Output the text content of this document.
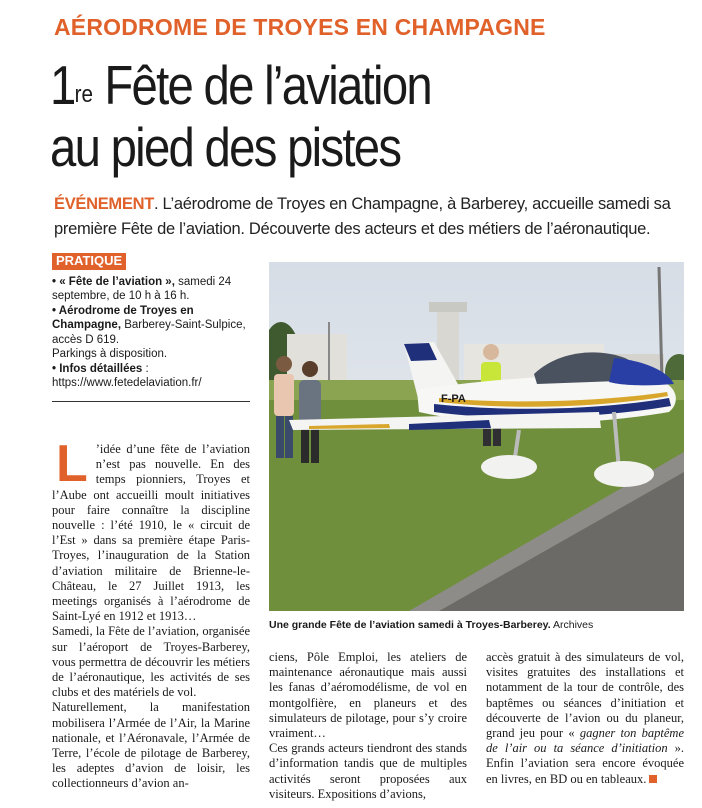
AÉRODROME DE TROYES EN CHAMPAGNE
1re Fête de l’aviation
au pied des pistes

ÉVÉNEMENT. L’aérodrome de Troyes en Champagne, à Barberey, accueille samedi sa première Fête de l’aviation. Découverte des acteurs et des métiers de l’aéronautique.

PRATIQUE
• « Fête de l’aviation », samedi 24 septembre, de 10 h à 16 h.
• Aérodrome de Troyes en Champagne, Barberey-Saint-Sulpice, accès D 619.
Parkings à disposition.
• Infos détaillées :
https://www.fetedelaviation.fr/
F-PA
Une grande Fête de l’aviation samedi à Troyes-Barberey. Archives
L ’idée d’une fête de l’aviation n’est pas nouvelle. En des temps pionniers, Troyes et l’Aube ont accueilli moult initiatives pour faire connaître la discipline nouvelle : l’été 1910, le « circuit de l’Est » dans sa première étape Paris-Troyes, l’inauguration de la Station d’aviation militaire de Brienne-le-Château, le 27 Juillet 1913, les meetings organisés à l’aérodrome de Saint-Lyé en 1912 et 1913…

Samedi, la Fête de l’aviation, organisée sur l’aéroport de Troyes-Barberey, vous permettra de découvrir les métiers de l’aéronautique, les activités de ses clubs et des matériels de vol.

Naturellement, la manifestation mobilisera l’Armée de l’Air, la Marine nationale, et l’Aéronavale, l’Armée de Terre, l’école de pilotage de Barberey, les adeptes d’avion de loisir, les collectionneurs d’avion an-

ciens, Pôle Emploi, les ateliers de maintenance aéronautique mais aussi les fanas d’aéromodélisme, de vol en montgolfière, en planeurs et des simulateurs de pilotage, pour s’y croire vraiment…

Ces grands acteurs tiendront des stands d’information tandis que de multiples activités seront proposées aux visiteurs. Expositions d’avions,

accès gratuit à des simulateurs de vol, visites gratuites des installations et notamment de la tour de contrôle, des baptêmes ou séances d’initiation et découverte de l’avion ou du planeur, grand jeu pour « gagner ton baptême de l’air ou ta séance d’initiation ». Enfin l’aviation sera encore évoquée en livres, en BD ou en tableaux.
